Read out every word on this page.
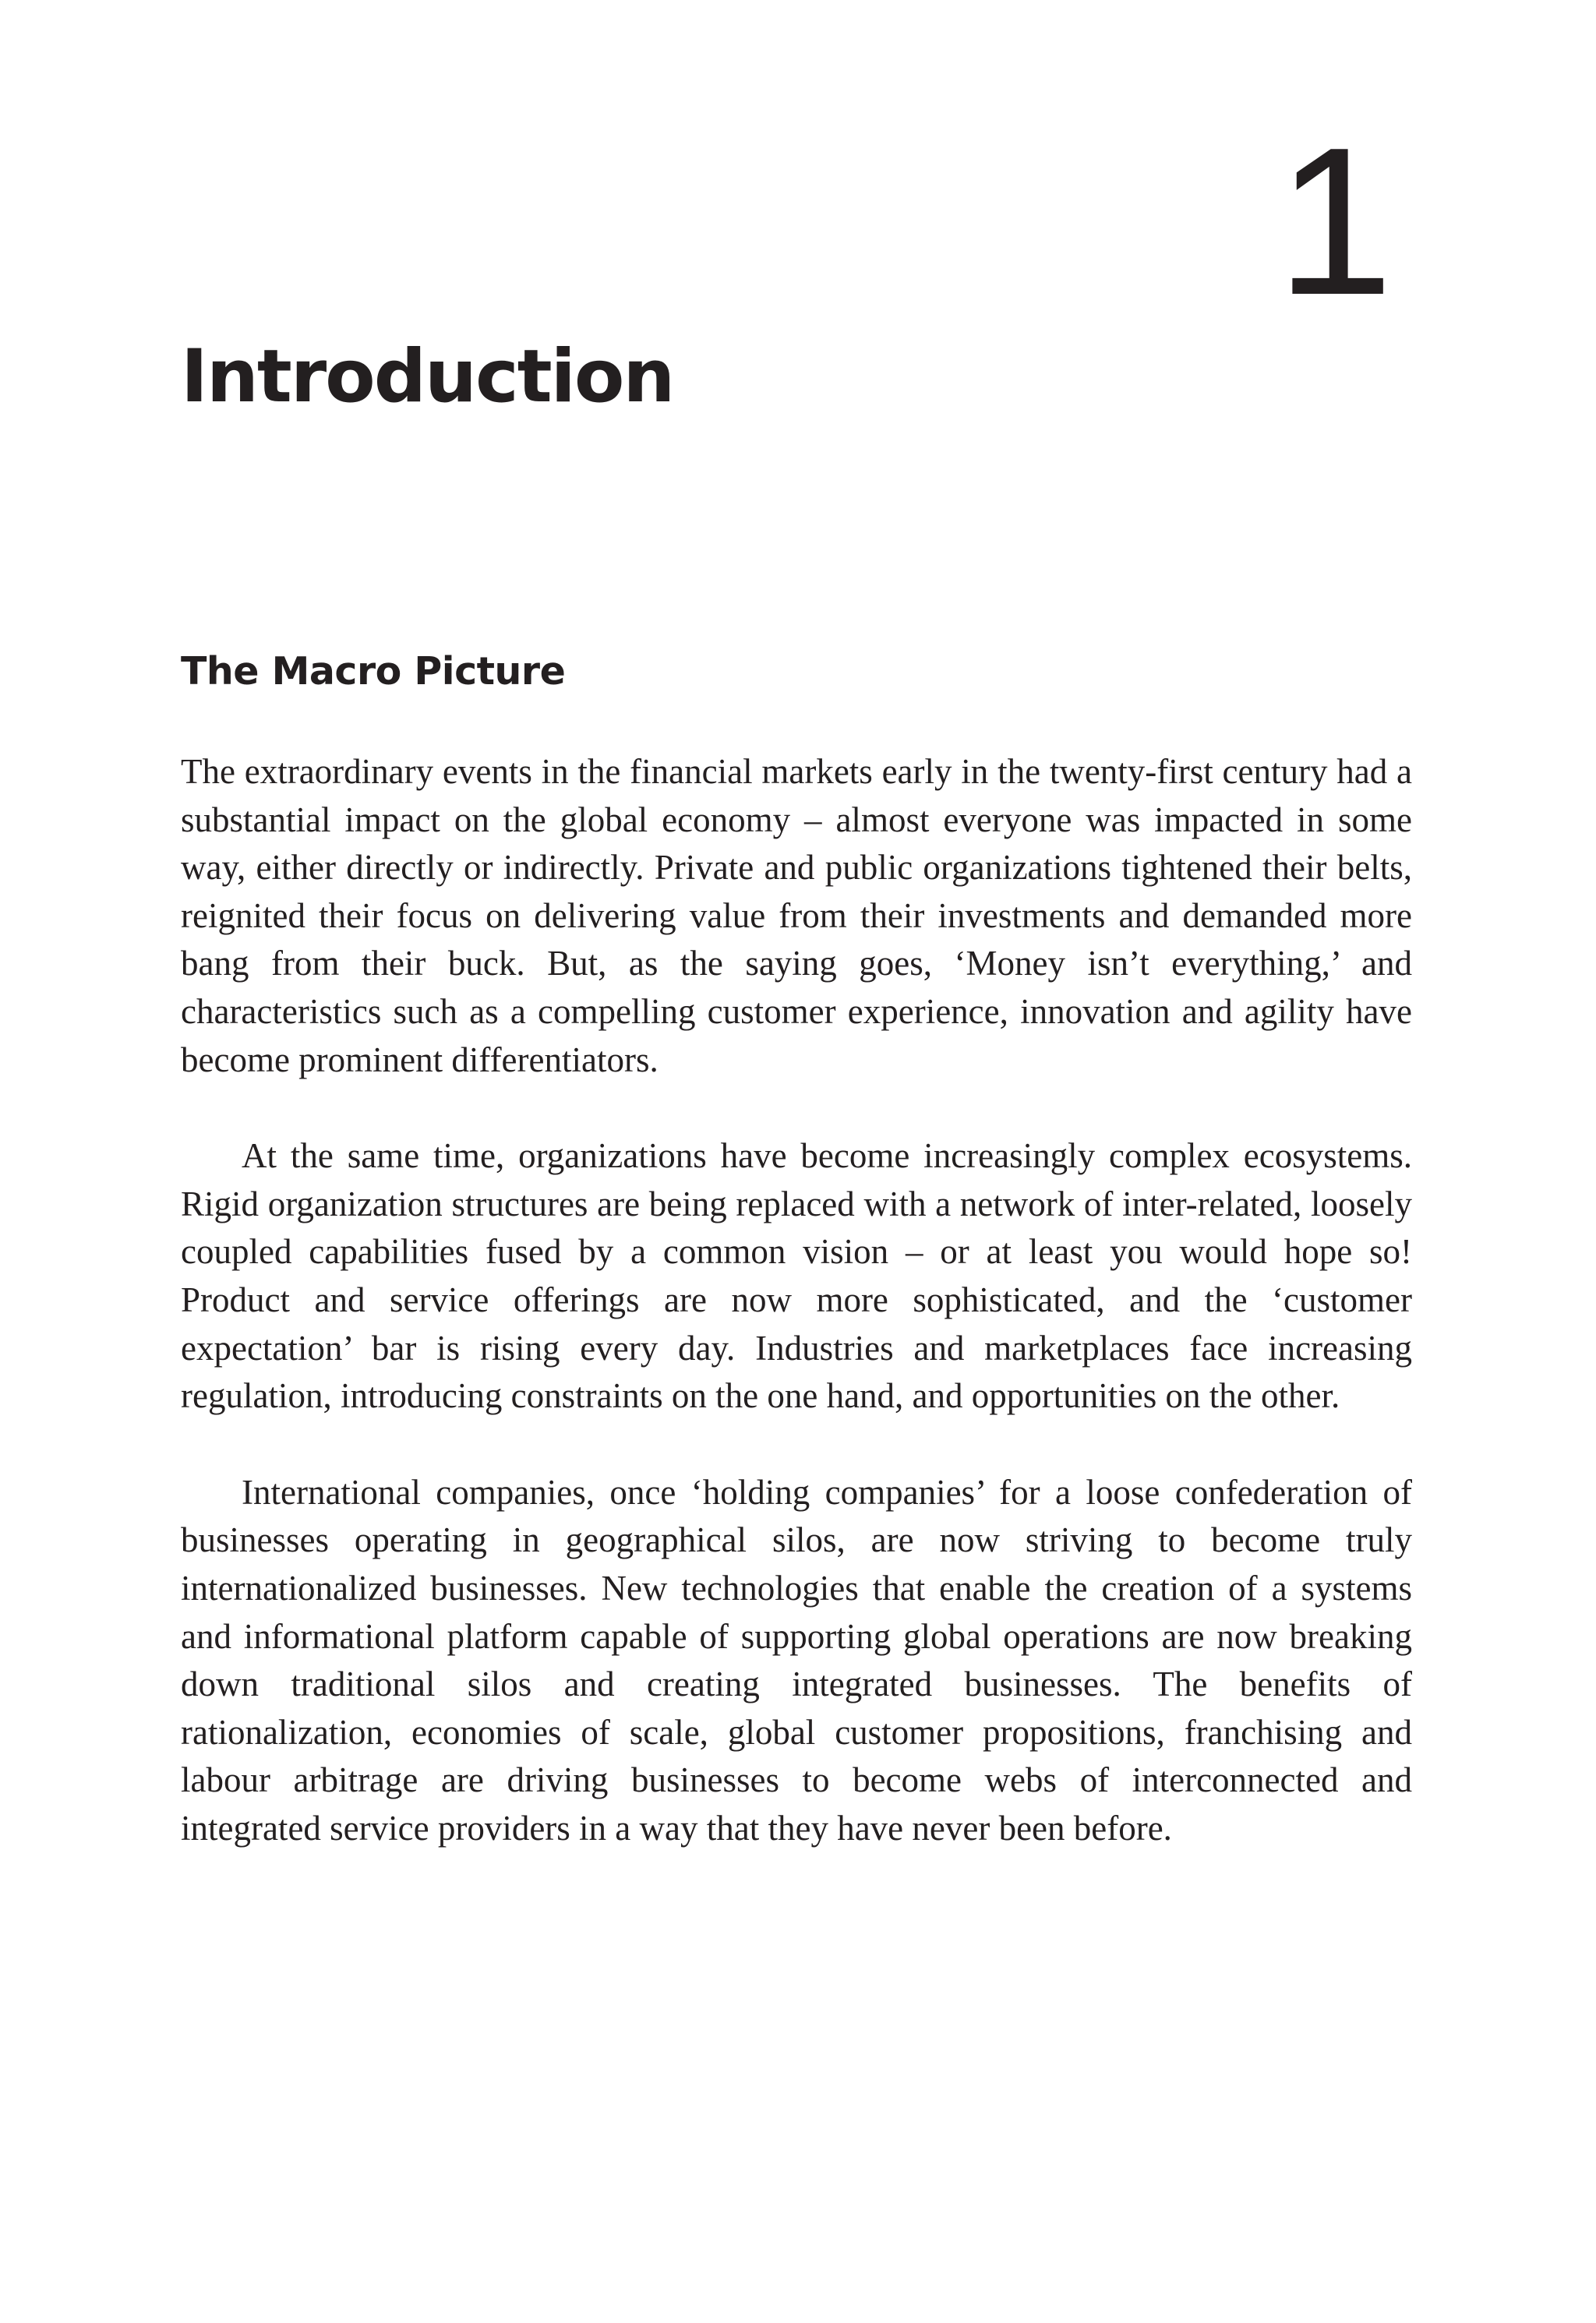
1
Introduction
The Macro Picture

The extraordinary events in the financial markets early in the twenty-first century had a substantial impact on the global economy – almost everyone was impacted in some way, either directly or indirectly. Private and public organizations tightened their belts, reignited their focus on delivering value from their investments and demanded more bang from their buck. But, as the saying goes, ‘Money isn’t everything,’ and characteristics such as a compelling customer experience, innovation and agility have become prominent differentiators.

At the same time, organizations have become increasingly complex ecosystems. Rigid organization structures are being replaced with a network of inter-related, loosely coupled capabilities fused by a common vision – or at least you would hope so! Product and service offerings are now more sophisticated, and the ‘customer expectation’ bar is rising every day. Industries and marketplaces face increasing regulation, introducing constraints on the one hand, and opportunities on the other.

International companies, once ‘holding companies’ for a loose confederation of businesses operating in geographical silos, are now striving to become truly internationalized businesses. New technologies that enable the creation of a systems and informational platform capable of supporting global operations are now breaking down traditional silos and creating integrated businesses. The benefits of rationalization, economies of scale, global customer propositions, franchising and labour arbitrage are driving businesses to become webs of interconnected and integrated service providers in a way that they have never been before.
